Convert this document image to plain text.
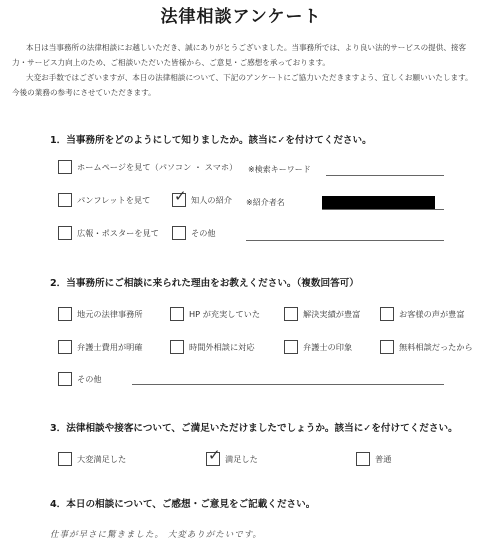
法律相談アンケート

本日は当事務所の法律相談にお越しいただき、誠にありがとうございました。当事務所では、より良い法的サービスの提供、接客力・サービス力向上のため、ご相談いただいた皆様から、ご意見・ご感想を承っております。

大変お手数ではございますが、本日の法律相談について、下記のアンケートにご協力いただきますよう、宜しくお願いいたします。今後の業務の参考にさせていただきます。

1．当事務所をどのようにして知りましたか。該当に✓を付けてください。
ホームページを見て（パソコン ・ スマホ） ※検索キーワード
パンフレットを見て ✓ 知人の紹介 ※紹介者名
広報・ポスターを見て	その他
2．当事務所にご相談に来られた理由をお教えください。（複数回答可）
地元の法律事務所	HP が充実していた	解決実績が豊富	お客様の声が豊富
弁護士費用が明確	時間外相談に対応	弁護士の印象	無料相談だったから
その他
3．法律相談や接客について、ご満足いただけましたでしょうか。該当に✓を付けてください。
大変満足した	✓ 満足した	普通
4．本日の相談について、ご感想・ご意見をご記載ください。
仕事が早さに驚きました。 大変ありがたいです。
